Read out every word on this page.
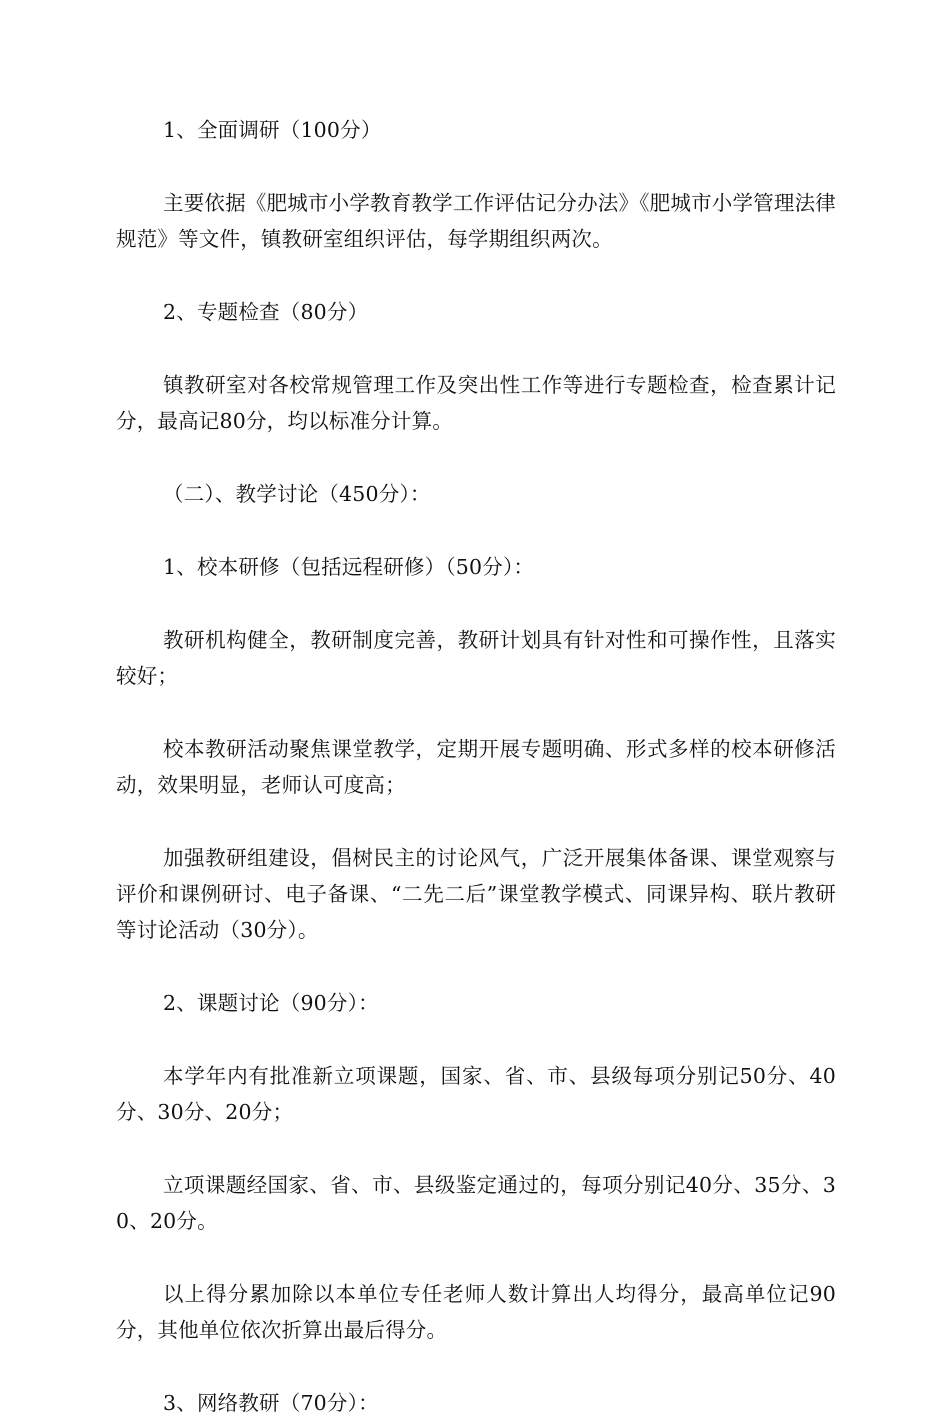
1、全面调研（100分）

主要依据《肥城市小学教育教学工作评估记分办法》《肥城市小学管理法律规范》等文件，镇教研室组织评估，每学期组织两次。

2、专题检查（80分）

镇教研室对各校常规管理工作及突出性工作等进行专题检查，检查累计记分，最高记80分，均以标准分计算。

（二）、教学讨论（450分）：

1、校本研修（包括远程研修）（50分）：

教研机构健全，教研制度完善，教研计划具有针对性和可操作性，且落实较好；

校本教研活动聚焦课堂教学，定期开展专题明确、形式多样的校本研修活动，效果明显，老师认可度高；

加强教研组建设，倡树民主的讨论风气，广泛开展集体备课、课堂观察与评价和课例研讨、电子备课、“二先二后”课堂教学模式、同课异构、联片教研等讨论活动（30分）。

2、课题讨论（90分）：

本学年内有批准新立项课题，国家、省、市、县级每项分别记50分、40分、30分、20分；

立项课题经国家、省、市、县级鉴定通过的，每项分别记40分、35分、30、20分。

以上得分累加除以本单位专任老师人数计算出人均得分，最高单位记90分，其他单位依次折算出最后得分。

3、网络教研（70分）：
